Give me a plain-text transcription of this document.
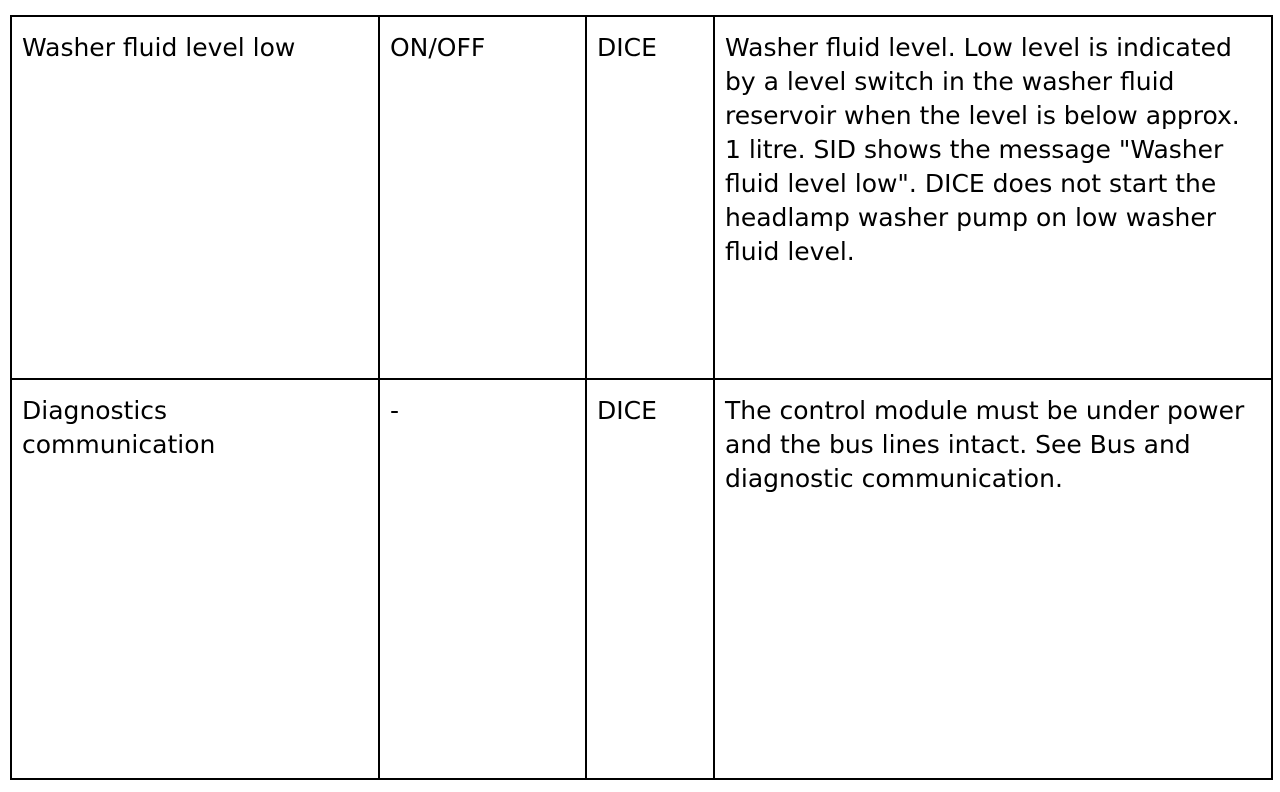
Washer fluid level low	ON/OFF	DICE	Washer fluid level. Low level is indicated by a level switch in the washer fluid reservoir when the level is below approx. 1 litre. SID shows the message "Washer fluid level low". DICE does not start the headlamp washer pump on low washer fluid level.
Diagnostics communication	-	DICE	The control module must be under power and the bus lines intact. See Bus and diagnostic communication.
